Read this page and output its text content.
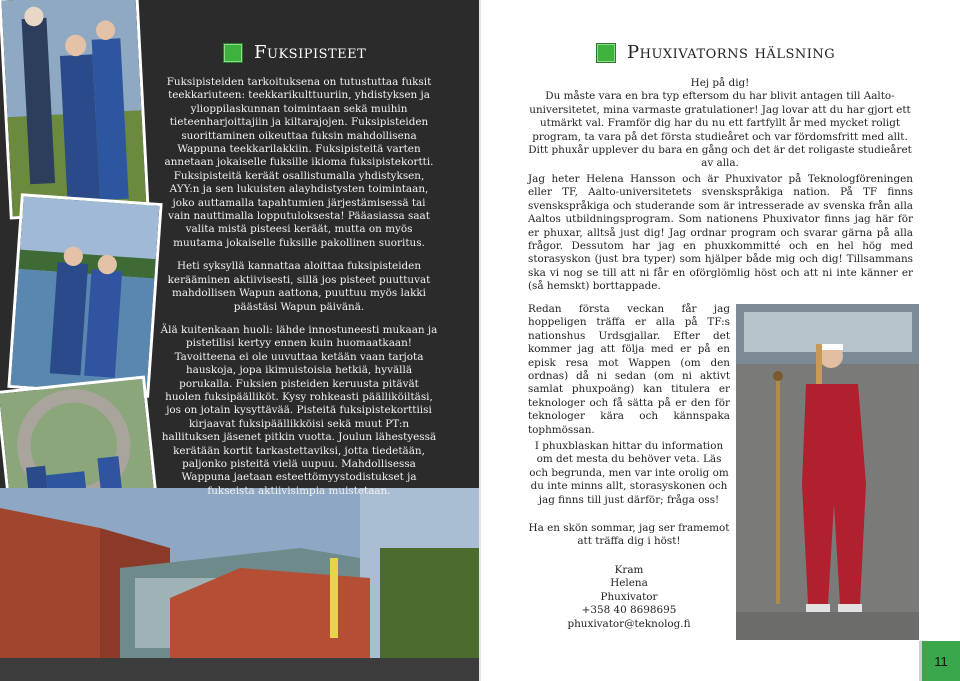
Fuksipisteet

Fuksipisteiden tarkoituksena on tutustuttaa fuksit teekkariuteen: teekkarikulttuuriin, yhdistyksen ja ylioppilaskunnan toimintaan sekä muihin tieteenharjoittajiin ja kiltarajojen. Fuksipisteiden suorittaminen oikeuttaa fuksin mahdollisena Wappuna teekkarilakkiin. Fuksipisteitä varten annetaan jokaiselle fuksille ikioma fuksipistekortti. Fuksipisteitä keräät osallistumalla yhdistyksen, AYY:n ja sen lukuisten alayhdistysten toimintaan, joko auttamalla tapahtumien järjestämisessä tai vain nauttimalla lopputuloksesta! Pääasiassa saat valita mistä pisteesi keräät, mutta on myös muutama jokaiselle fuksille pakollinen suoritus.

Heti syksyllä kannattaa aloittaa fuksipisteiden kerääminen aktiivisesti, sillä jos pisteet puuttuvat mahdollisen Wapun aattona, puuttuu myös lakki päästäsi Wapun päivänä.

Älä kuitenkaan huoli: lähde innostuneesti mukaan ja pistetilisi kertyy ennen kuin huomaatkaan! Tavoitteena ei ole uuvuttaa ketään vaan tarjota hauskoja, jopa ikimuistoisia hetkiä, hyvällä porukalla. Fuksien pisteiden keruusta pitävät huolen fuksipäälliköt. Kysy rohkeasti päälliköiltäsi, jos on jotain kysyttävää. Pisteitä fuksipistekorttiisi kirjaavat fuksipäällikköisi sekä muut PT:n hallituksen jäsenet pitkin vuotta. Joulun lähestyessä kerätään kortit tarkastettaviksi, jotta tiedetään, paljonko pisteitä vielä uupuu. Mahdollisessa Wappuna jaetaan esteettömyystodistukset ja fukseista aktiivisimpia muistetaan.

Phuxivatorns hälsning

Hej på dig!

Du måste vara en bra typ eftersom du har blivit antagen till Aalto-universitetet, mina varmaste gratulationer! Jag lovar att du har gjort ett utmärkt val. Framför dig har du nu ett fartfyllt år med mycket roligt program, ta vara på det första studieåret och var fördomsfritt med allt. Ditt phuxår upplever du bara en gång och det är det roligaste studieåret av alla.

Jag heter Helena Hansson och är Phuxivator på Teknologföreningen eller TF, Aalto-universitetets svenskspråkiga nation. På TF finns svenskspråkiga och studerande som är intresserade av svenska från alla Aaltos utbildningsprogram. Som nationens Phuxivator finns jag här för er phuxar, alltså just dig! Jag ordnar program och svarar gärna på alla frågor. Dessutom har jag en phuxkommitté och en hel hög med storasyskon (just bra typer) som hjälper både mig och dig! Tillsammans ska vi nog se till att ni får en oförglömlig höst och att ni inte känner er (så hemskt) borttappade.

Redan första veckan får jag hoppeligen träffa er alla på TF:s nationshus Urdsgjallar. Efter det kommer jag att följa med er på en episk resa mot Wappen (om den ordnas) då ni sedan (om ni aktivt samlat phuxpoäng) kan titulera er teknologer och få sätta på er den för teknologer kära och kännspaka tophmössan.

I phuxblaskan hittar du information om det mesta du behöver veta. Läs och begrunda, men var inte orolig om du inte minns allt, storasyskonen och jag finns till just därför; fråga oss!

Ha en skön sommar, jag ser framemot att träffa dig i höst!

Kram

Helena

Phuxivator

+358 40 8698695

phuxivator@teknolog.fi

11
